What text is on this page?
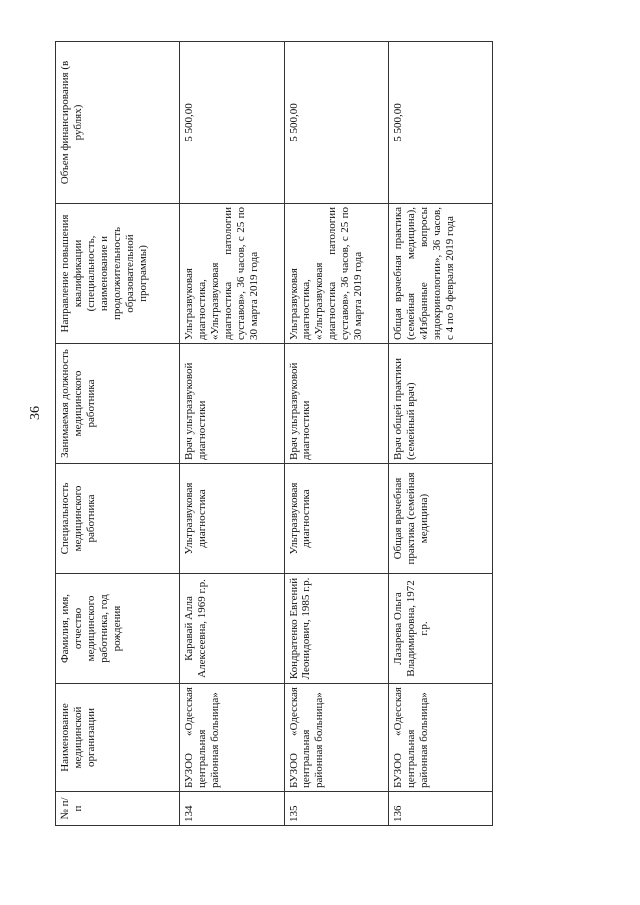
36
№ п/п	Наименование медицинской организации	Фамилия, имя, отчество медицинского работника, год рождения	Специальность медицинского работника	Занимаемая должность медицинского работника	Направление повышения квалификации (специальность, наименование и продолжительность образовательной программы)	Объем финансирования (в рублях)
134	БУЗОО «Одесская центральная районная больница»	Каравай Алла Алексеевна, 1969 г.р.	Ультразвуковая диагностика	Врач ультразвуковой диагностики	Ультразвуковая диагностика, «Ультразвуковая диагностика патологии суставов», 36 часов, с 25 по 30 марта 2019 года	5 500,00
135	БУЗОО «Одесская центральная районная больница»	Кондратенко Евгений Леонидович, 1985 г.р.	Ультразвуковая диагностика	Врач ультразвуковой диагностики	Ультразвуковая диагностика, «Ультразвуковая диагностика патологии суставов», 36 часов, с 25 по 30 марта 2019 года	5 500,00
136	БУЗОО «Одесская центральная районная больница»	Лазарева Ольга Владимировна, 1972 г.р.	Общая врачебная практика (семейная медицина)	Врач общей практики (семейный врач)	Общая врачебная практика (семейная медицина), «Избранные вопросы эндокринологии», 36 часов, с 4 по 9 февраля 2019 года	5 500,00
